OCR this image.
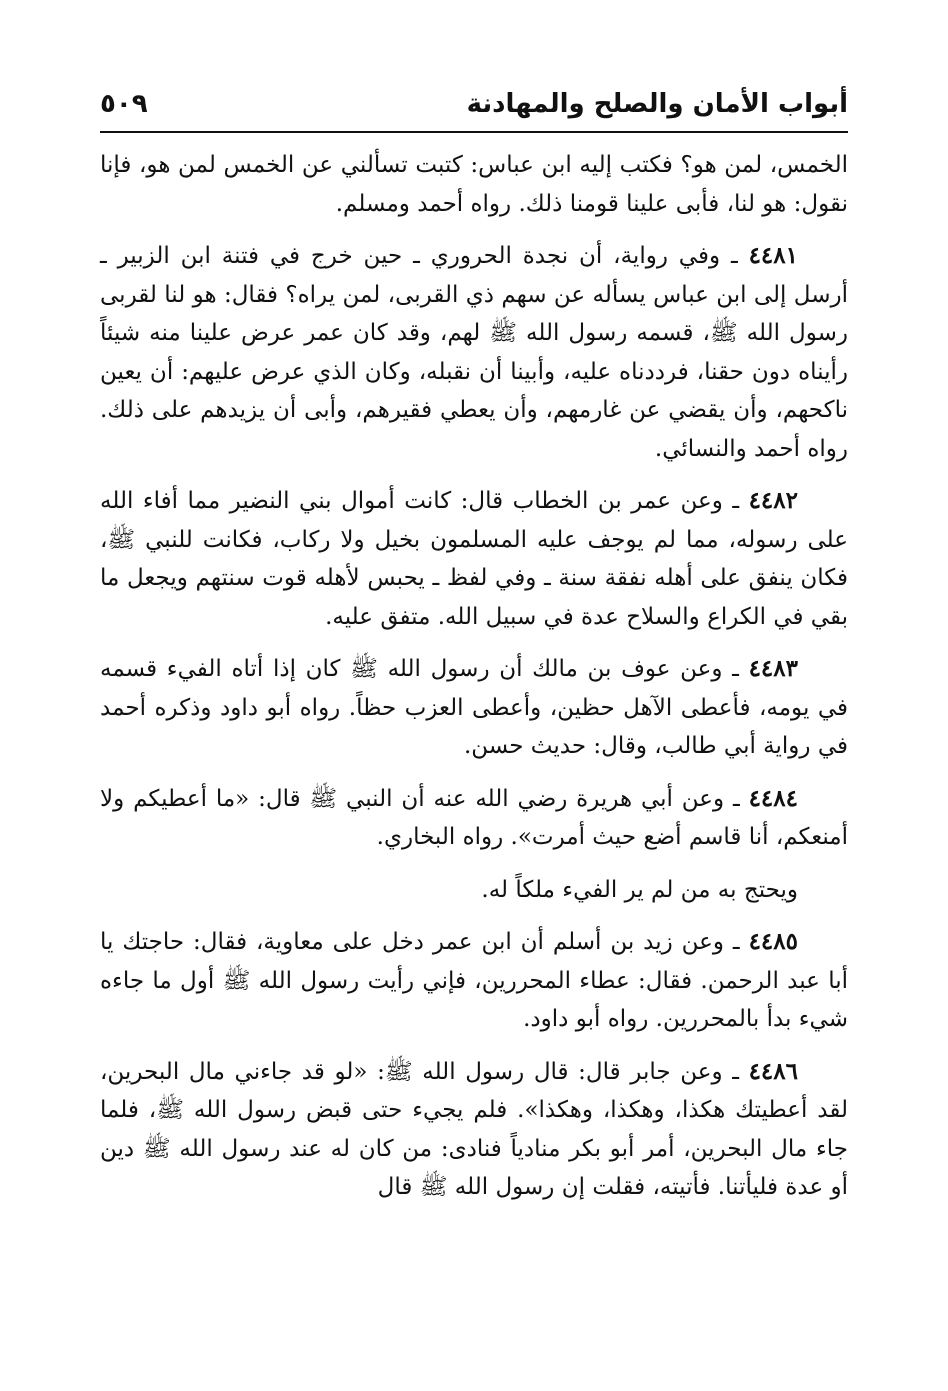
أبواب الأمان والصلح والمهادنة
٥٠٩

الخمس، لمن هو؟ فكتب إليه ابن عباس: كتبت تسألني عن الخمس لمن هو، فإنا نقول: هو لنا، فأبى علينا قومنا ذلك. رواه أحمد ومسلم.

٤٤٨١ ـ وفي رواية، أن نجدة الحروري ـ حين خرج في فتنة ابن الزبير ـ أرسل إلى ابن عباس يسأله عن سهم ذي القربى، لمن يراه؟ فقال: هو لنا لقربى رسول الله ﷺ، قسمه رسول الله ﷺ لهم، وقد كان عمر عرض علينا منه شيئاً رأيناه دون حقنا، فرددناه عليه، وأبينا أن نقبله، وكان الذي عرض عليهم: أن يعين ناكحهم، وأن يقضي عن غارمهم، وأن يعطي فقيرهم، وأبى أن يزيدهم على ذلك. رواه أحمد والنسائي.

٤٤٨٢ ـ وعن عمر بن الخطاب قال: كانت أموال بني النضير مما أفاء الله على رسوله، مما لم يوجف عليه المسلمون بخيل ولا ركاب، فكانت للنبي ﷺ، فكان ينفق على أهله نفقة سنة ـ وفي لفظ ـ يحبس لأهله قوت سنتهم ويجعل ما بقي في الكراع والسلاح عدة في سبيل الله. متفق عليه.

٤٤٨٣ ـ وعن عوف بن مالك أن رسول الله ﷺ كان إذا أتاه الفيء قسمه في يومه، فأعطى الآهل حظين، وأعطى العزب حظاً. رواه أبو داود وذكره أحمد في رواية أبي طالب، وقال: حديث حسن.

٤٤٨٤ ـ وعن أبي هريرة رضي الله عنه أن النبي ﷺ قال: «ما أعطيكم ولا أمنعكم، أنا قاسم أضع حيث أمرت». رواه البخاري.

ويحتج به من لم ير الفيء ملكاً له.

٤٤٨٥ ـ وعن زيد بن أسلم أن ابن عمر دخل على معاوية، فقال: حاجتك يا أبا عبد الرحمن. فقال: عطاء المحررين، فإني رأيت رسول الله ﷺ أول ما جاءه شيء بدأ بالمحررين. رواه أبو داود.

٤٤٨٦ ـ وعن جابر قال: قال رسول الله ﷺ: «لو قد جاءني مال البحرين، لقد أعطيتك هكذا، وهكذا، وهكذا». فلم يجيء حتى قبض رسول الله ﷺ، فلما جاء مال البحرين، أمر أبو بكر منادياً فنادى: من كان له عند رسول الله ﷺ دين أو عدة فليأتنا. فأتيته، فقلت إن رسول الله ﷺ قال
